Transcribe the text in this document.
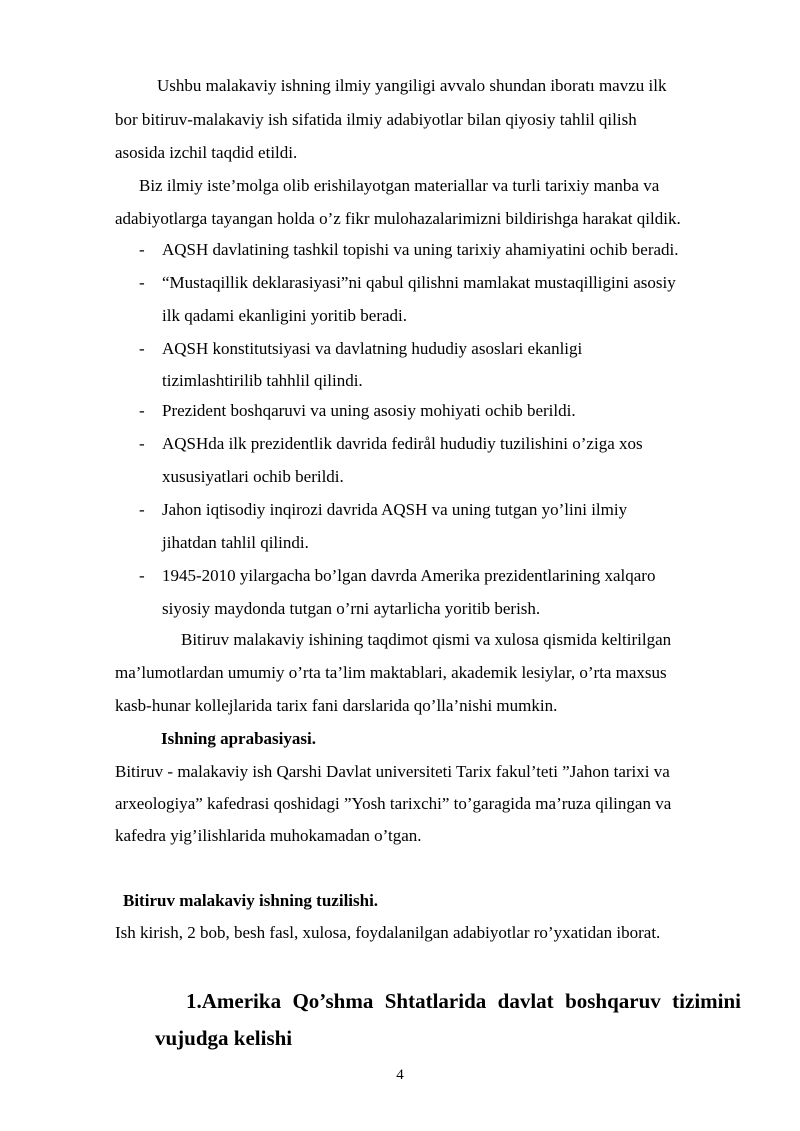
Ushbu malakaviy ishning ilmiy yangiligi avvalo shundan iboratı mavzu ilk
bor bitiruv-malakaviy ish sifatida ilmiy adabiyotlar bilan qiyosiy tahlil qilish
asosida izchil taqdid etildi.
Biz ilmiy iste’molga olib erishilayotgan materiallar va turli tarixiy manba va
adabiyotlarga tayangan holda o’z fikr mulohazalarimizni bildirishga harakat qildik.
- AQSH davlatining tashkil topishi va uning tarixiy ahamiyatini ochib beradi.
- “Mustaqillik deklarasiyasi”ni qabul qilishni mamlakat mustaqilligini asosiy
ilk qadami ekanligini yoritib beradi.
- AQSH konstitutsiyasi va davlatning hududiy asoslari ekanligi
tizimlashtirilib tahhlil qilindi.
- Prezident boshqaruvi va uning asosiy mohiyati ochib berildi.
- AQSHda ilk prezidentlik davrida fedirål hududiy tuzilishini o’ziga xos
xususiyatlari ochib berildi.
- Jahon iqtisodiy inqirozi davrida AQSH va uning tutgan yo’lini ilmiy
jihatdan tahlil qilindi.
- 1945-2010 yilargacha bo’lgan davrda Amerika prezidentlarining xalqaro
siyosiy maydonda tutgan o’rni aytarlicha yoritib berish.
Bitiruv malakaviy ishining taqdimot qismi va xulosa qismida keltirilgan
ma’lumotlardan umumiy o’rta ta’lim maktablari, akademik lesiylar, o’rta maxsus
kasb-hunar kollejlarida tarix fani darslarida qo’lla’nishi mumkin.
Ishning aprabasiyasi.
Bitiruv - malakaviy ish Qarshi Davlat universiteti Tarix fakul’teti ”Jahon tarixi va
arxeologiya” kafedrasi qoshidagi ”Yosh tarixchi” to’garagida ma’ruza qilingan va
kafedra yig’ilishlarida muhokamadan o’tgan.
Bitiruv malakaviy ishning tuzilishi.
Ish kirish, 2 bob, besh fasl, xulosa, foydalanilgan adabiyotlar ro’yxatidan iborat.
1.Amerika Qo’shma Shtatlarida davlat boshqaruv tizimini
vujudga kelishi
4
